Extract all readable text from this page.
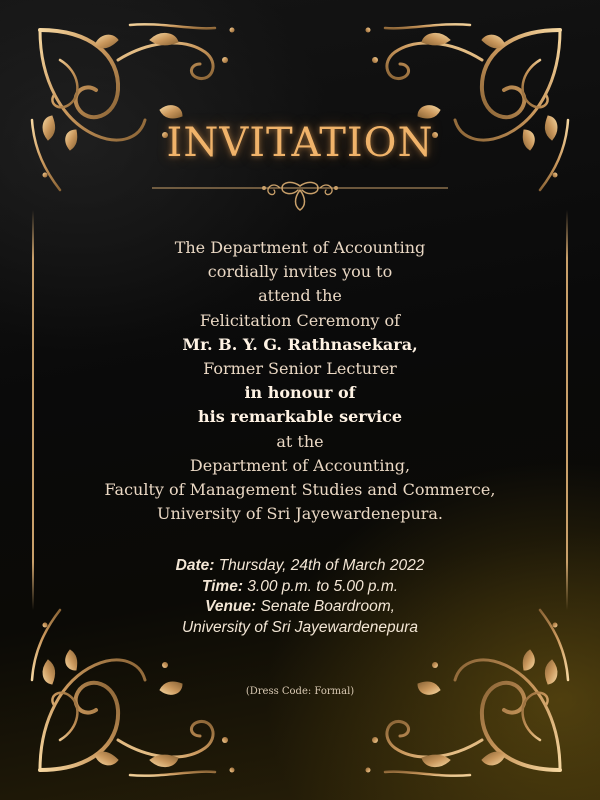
INVITATION
The Department of Accounting
cordially invites you to
attend the
Felicitation Ceremony of
Mr. B. Y. G. Rathnasekara,
Former Senior Lecturer
in honour of
his remarkable service
at the
Department of Accounting,
Faculty of Management Studies and Commerce,
University of Sri Jayewardenepura.
Date: Thursday, 24th of March 2022
Time: 3.00 p.m. to 5.00 p.m.
Venue: Senate Boardroom,
University of Sri Jayewardenepura
(Dress Code: Formal)
